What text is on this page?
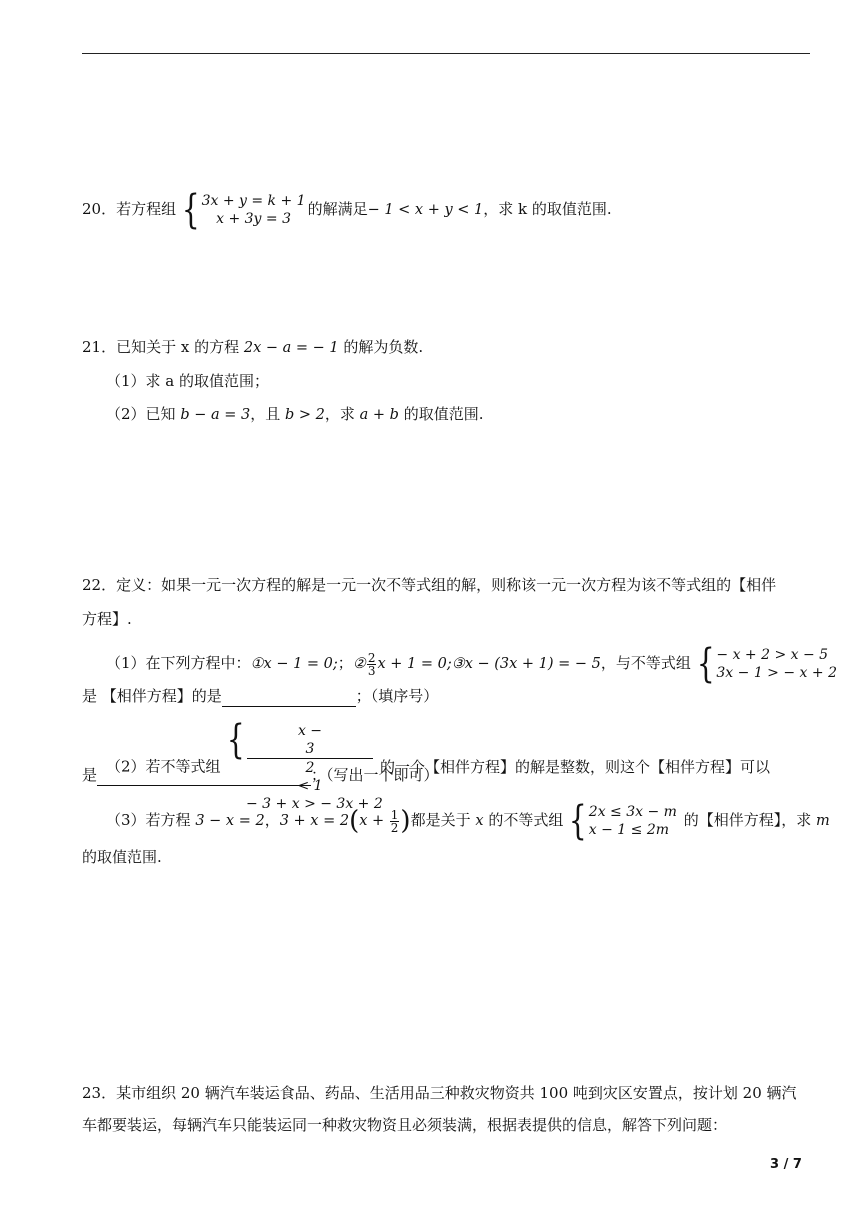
20．若方程组 { 3x + y = k + 1
x + 3y = 3
的解满足− 1 < x + y < 1，求 k 的取值范围.
21．已知关于 x 的方程 2x − a = − 1 的解为负数.
（1）求 a 的取值范围；
（2）已知 b − a = 3，且 b > 2，求 a + b 的取值范围.
22．定义：如果一元一次方程的解是一元一次不等式组的解，则称该一元一次方程为该不等式组的【相伴
方程】.
（1）在下列方程中：①x − 1 = 0;；② $\frac{2}{3}$ x + 1 = 0;③x − (3x + 1) = − 5，与不等式组 { − x + 2 > x − 5
3x − 1 > − x + 2
是 【相伴方程】的是	；（填序号）
（2）若不等式组
{	x −
3
2
< 1
− 3 + x > − 3x + 2
的一个【相伴方程】的解是整数，则这个【相伴方程】可以
是	；（写出一个即可）
（3）若方程 3 − x = 2，$3 + x = 2(x + \frac{1}{2}$ )都是关于 x 的不等式组 { 2x ≤ 3x − m
x − 1 ≤ 2m
的【相伴方程】，求 m
的取值范围.
23．某市组织 20 辆汽车装运食品、药品、生活用品三种救灾物资共 100 吨到灾区安置点，按计划 20 辆汽
车都要装运，每辆汽车只能装运同一种救灾物资且必须装满，根据表提供的信息，解答下列问题：
3 / 7
